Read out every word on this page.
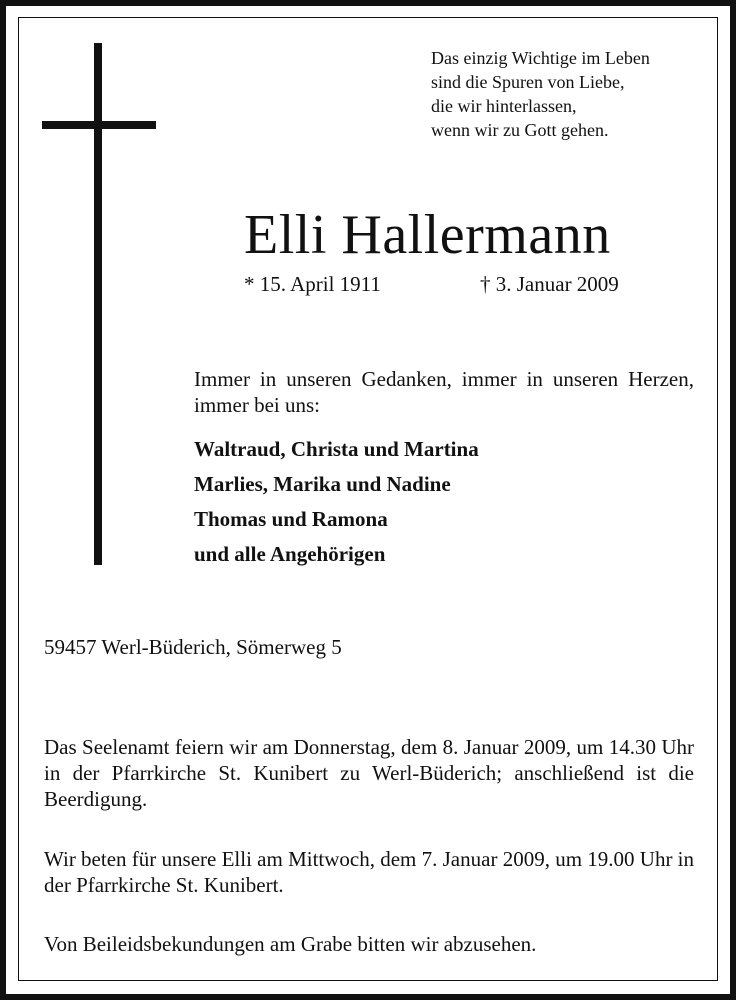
Das einzig Wichtige im Leben
sind die Spuren von Liebe,
die wir hinterlassen,
wenn wir zu Gott gehen.
Elli Hallermann
* 15. April 1911	† 3. Januar 2009
Immer in unseren Gedanken, immer in unseren Herzen, immer bei uns:
Waltraud, Christa und Martina
Marlies, Marika und Nadine
Thomas und Ramona
und alle Angehörigen
59457 Werl-Büderich, Sömerweg 5
Das Seelenamt feiern wir am Donnerstag, dem 8. Januar 2009, um 14.30 Uhr in der Pfarrkirche St. Kunibert zu Werl-Büderich; anschließend ist die Beerdigung.
Wir beten für unsere Elli am Mittwoch, dem 7. Januar 2009, um 19.00 Uhr in der Pfarrkirche St. Kunibert.
Von Beileidsbekundungen am Grabe bitten wir abzusehen.
